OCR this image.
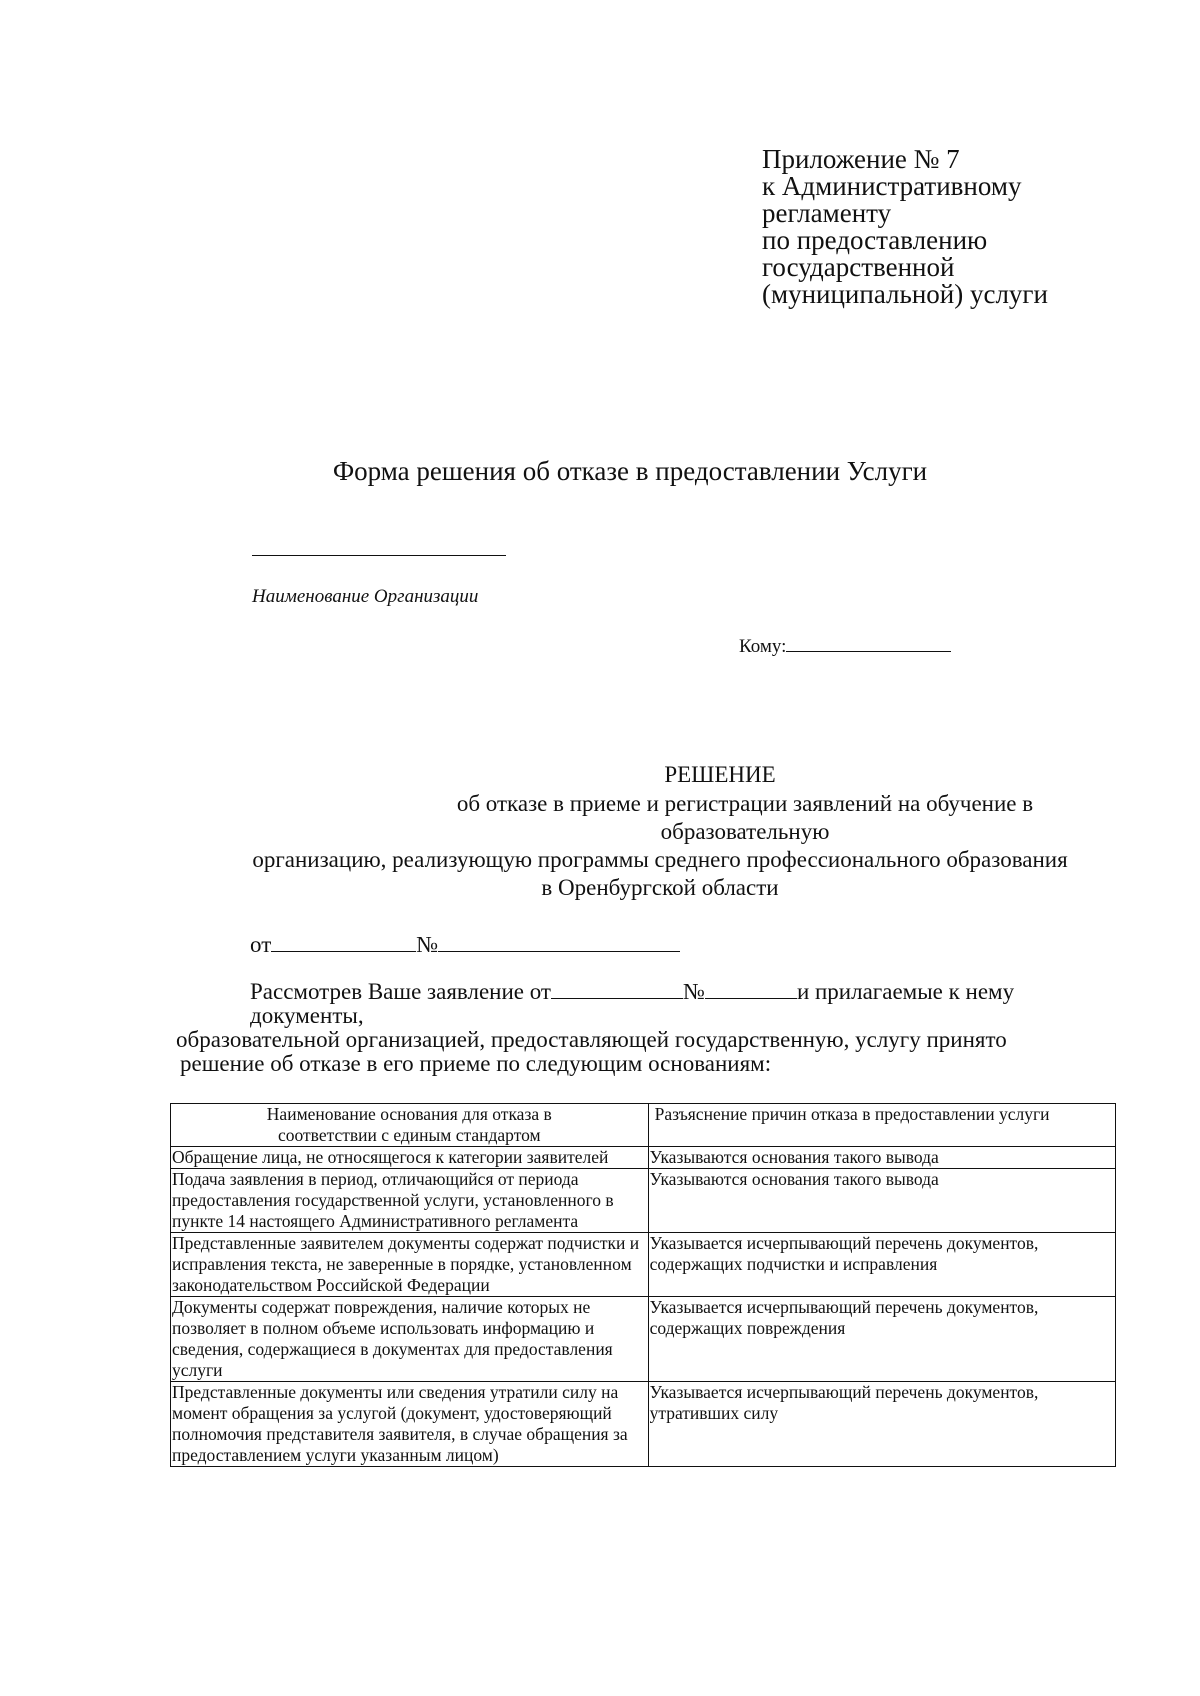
Приложение № 7
к Административному
регламенту
по предоставлению
государственной
(муниципальной) услуги
Форма решения об отказе в предоставлении Услуги
Наименование Организации
Кому:
РЕШЕНИЕ
об отказе в приеме и регистрации заявлений на обучение в образовательную
организацию, реализующую программы среднего профессионального образования
в Оренбургской области
от	№
Рассмотрев Ваше заявление от	№	и прилагаемые к нему
документы,
образовательной организацией, предоставляющей государственную, услугу принято
решение об отказе в его приеме по следующим основаниям:
Наименование основания для отказа в соответствии с единым стандартом	Разъяснение причин отказа в предоставлении услуги
Обращение лица, не относящегося к категории заявителей	Указываются основания такого вывода
Подача заявления в период, отличающийся от периода предоставления государственной услуги, установленного в пункте 14 настоящего Административного регламента	Указываются основания такого вывода
Представленные заявителем документы содержат подчистки и исправления текста, не заверенные в порядке, установленном законодательством Российской Федерации	Указывается исчерпывающий перечень документов, содержащих подчистки и исправления
Документы содержат повреждения, наличие которых не позволяет в полном объеме использовать информацию и сведения, содержащиеся в документах для предоставления услуги	Указывается исчерпывающий перечень документов, содержащих повреждения
Представленные документы или сведения утратили силу на момент обращения за услугой (документ, удостоверяющий полномочия представителя заявителя, в случае обращения за предоставлением услуги указанным лицом)	Указывается исчерпывающий перечень документов, утративших силу
